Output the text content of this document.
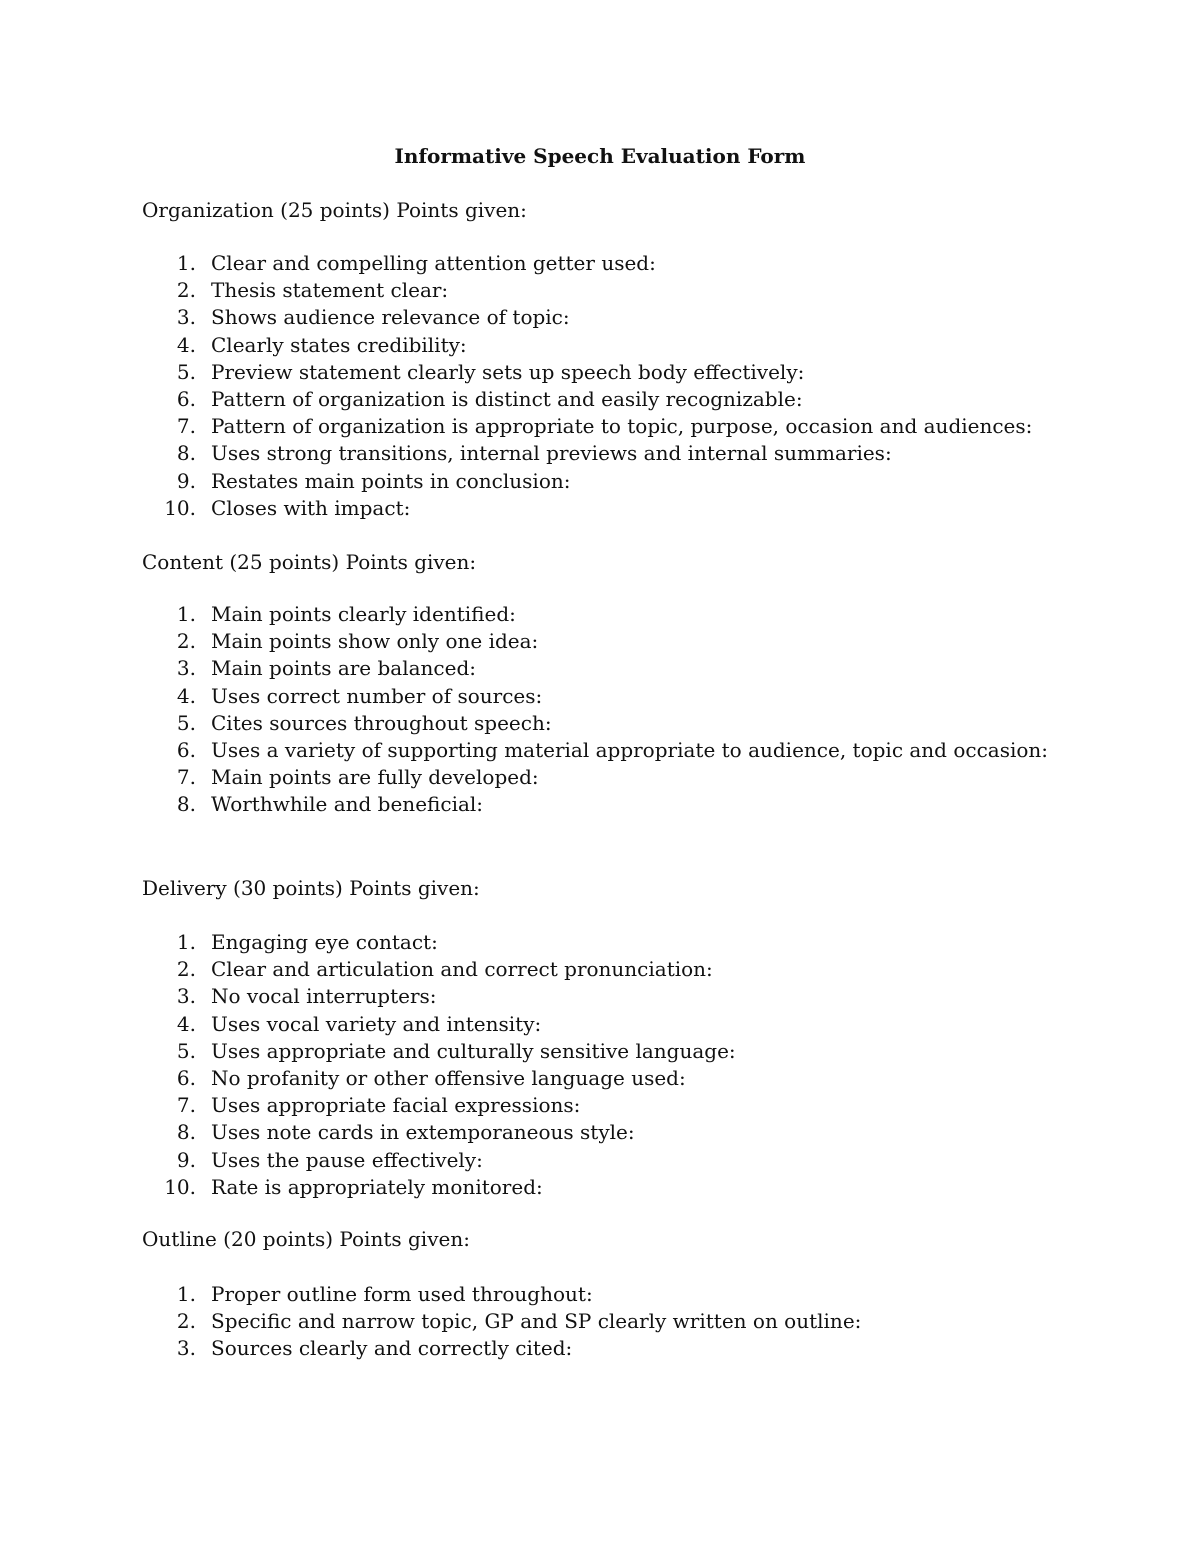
Informative Speech Evaluation Form
Organization (25 points) Points given:
1. Clear and compelling attention getter used:
2. Thesis statement clear:
3. Shows audience relevance of topic:
4. Clearly states credibility:
5. Preview statement clearly sets up speech body effectively:
6. Pattern of organization is distinct and easily recognizable:
7. Pattern of organization is appropriate to topic, purpose, occasion and audiences:
8. Uses strong transitions, internal previews and internal summaries:
9. Restates main points in conclusion:
10. Closes with impact:
Content (25 points) Points given:
1. Main points clearly identified:
2. Main points show only one idea:
3. Main points are balanced:
4. Uses correct number of sources:
5. Cites sources throughout speech:
6. Uses a variety of supporting material appropriate to audience, topic and occasion:
7. Main points are fully developed:
8. Worthwhile and beneficial:
Delivery (30 points) Points given:
1. Engaging eye contact:
2. Clear and articulation and correct pronunciation:
3. No vocal interrupters:
4. Uses vocal variety and intensity:
5. Uses appropriate and culturally sensitive language:
6. No profanity or other offensive language used:
7. Uses appropriate facial expressions:
8. Uses note cards in extemporaneous style:
9. Uses the pause effectively:
10. Rate is appropriately monitored:
Outline (20 points) Points given:
1. Proper outline form used throughout:
2. Specific and narrow topic, GP and SP clearly written on outline:
3. Sources clearly and correctly cited:
